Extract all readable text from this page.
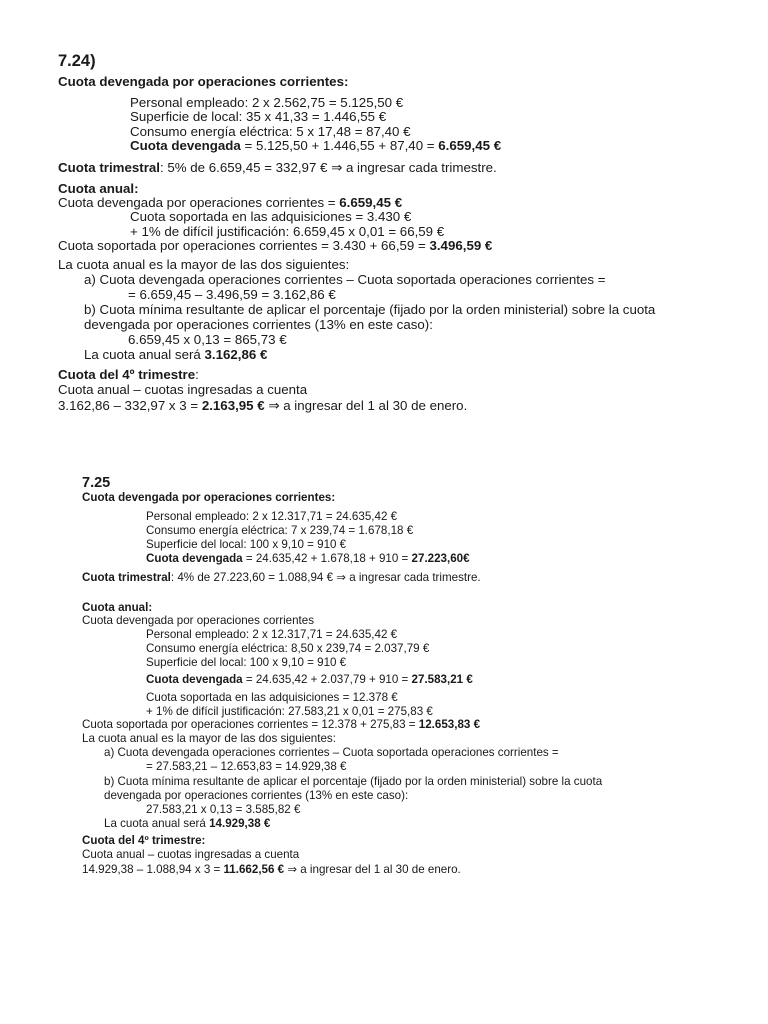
7.24)
Cuota devengada por operaciones corrientes:
Personal empleado: 2 x 2.562,75 = 5.125,50 €
Superficie de local: 35 x 41,33 = 1.446,55 €
Consumo energía eléctrica: 5 x 17,48 = 87,40 €
Cuota devengada = 5.125,50 + 1.446,55 + 87,40 = 6.659,45 €
Cuota trimestral: 5% de 6.659,45 = 332,97 € ⇒ a ingresar cada trimestre.
Cuota anual:
Cuota devengada por operaciones corrientes = 6.659,45 €
Cuota soportada en las adquisiciones = 3.430 €
+ 1% de difícil justificación: 6.659,45 x 0,01 = 66,59 €
Cuota soportada por operaciones corrientes = 3.430 + 66,59 = 3.496,59 €
La cuota anual es la mayor de las dos siguientes:
a) Cuota devengada operaciones corrientes – Cuota soportada operaciones corrientes =
= 6.659,45 – 3.496,59 = 3.162,86 €
b) Cuota mínima resultante de aplicar el porcentaje (fijado por la orden ministerial) sobre la cuota
devengada por operaciones corrientes (13% en este caso):
6.659,45 x 0,13 = 865,73 €
La cuota anual será 3.162,86 €
Cuota del 4º trimestre:
Cuota anual – cuotas ingresadas a cuenta
3.162,86 – 332,97 x 3 = 2.163,95 € ⇒ a ingresar del 1 al 30 de enero.
7.25
Cuota devengada por operaciones corrientes:
Personal empleado: 2 x 12.317,71 = 24.635,42 €
Consumo energía eléctrica: 7 x 239,74 = 1.678,18 €
Superficie del local: 100 x 9,10 = 910 €
Cuota devengada = 24.635,42 + 1.678,18 + 910 = 27.223,60€
Cuota trimestral: 4% de 27.223,60 = 1.088,94 € ⇒ a ingresar cada trimestre.
Cuota anual:
Cuota devengada por operaciones corrientes
Personal empleado: 2 x 12.317,71 = 24.635,42 €
Consumo energía eléctrica: 8,50 x 239,74 = 2.037,79 €
Superficie del local: 100 x 9,10 = 910 €
Cuota devengada = 24.635,42 + 2.037,79 + 910 = 27.583,21 €
Cuota soportada en las adquisiciones = 12.378 €
+ 1% de difícil justificación: 27.583,21 x 0,01 = 275,83 €
Cuota soportada por operaciones corrientes = 12.378 + 275,83 = 12.653,83 €
La cuota anual es la mayor de las dos siguientes:
a) Cuota devengada operaciones corrientes – Cuota soportada operaciones corrientes =
= 27.583,21 – 12.653,83 = 14.929,38 €
b) Cuota mínima resultante de aplicar el porcentaje (fijado por la orden ministerial) sobre la cuota
devengada por operaciones corrientes (13% en este caso):
27.583,21 x 0,13 = 3.585,82 €
La cuota anual será 14.929,38 €
Cuota del 4º trimestre:
Cuota anual – cuotas ingresadas a cuenta
14.929,38 – 1.088,94 x 3 = 11.662,56 € ⇒ a ingresar del 1 al 30 de enero.
